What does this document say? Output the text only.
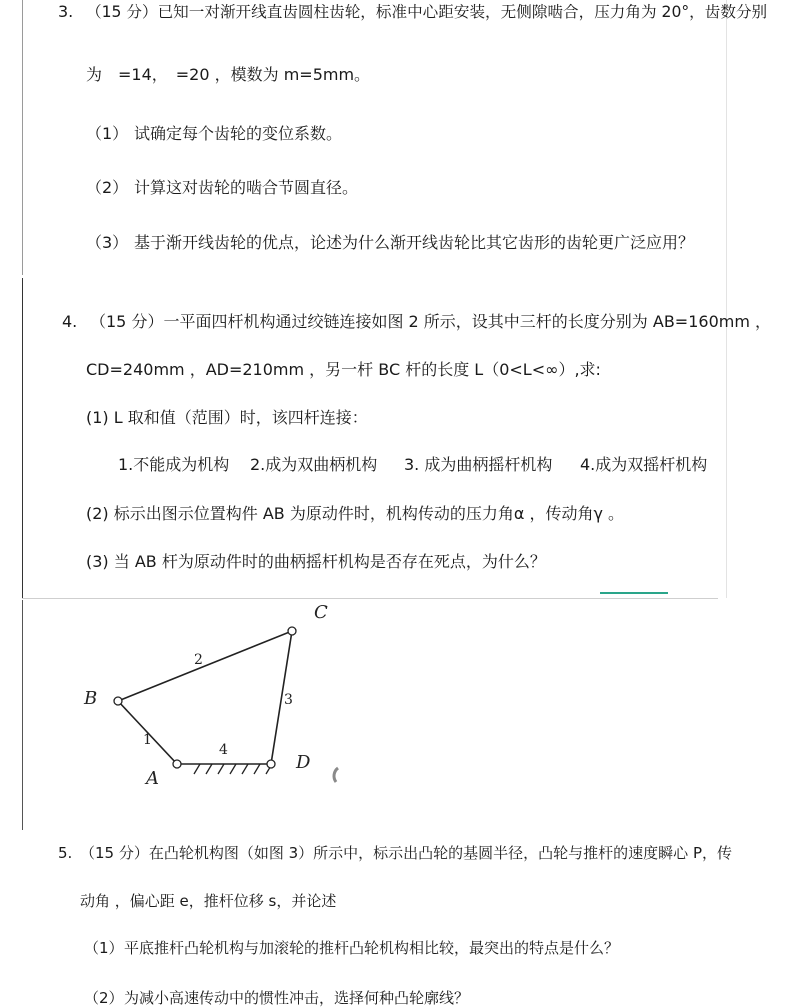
3. （15 分）已知一对渐开线直齿圆柱齿轮，标准中心距安装，无侧隙啮合，压力角为 20°，齿数分别
为　=14，　=20 ，模数为 m=5mm。
（1） 试确定每个齿轮的变位系数。
（2） 计算这对齿轮的啮合节圆直径。
（3） 基于渐开线齿轮的优点，论述为什么渐开线齿轮比其它齿形的齿轮更广泛应用？
4. （15 分）一平面四杆机构通过绞链连接如图 2 所示，设其中三杆的长度分别为 AB=160mm ，
CD=240mm ，AD=210mm ，另一杆 BC 杆的长度 L（0<L<∞）,求:
(1) L 取和值（范围）时，该四杆连接：
1.不能成为机构 2.成为双曲柄机构 3. 成为曲柄摇杆机构 4.成为双摇杆机构
(2) 标示出图示位置构件 AB 为原动件时，机构传动的压力角α ，传动角γ 。
(3) 当 AB 杆为原动件时的曲柄摇杆机构是否存在死点，为什么？
A
B
C
D
1
2
3
4
5. （15 分）在凸轮机构图（如图 3）所示中，标示出凸轮的基圆半径，凸轮与推杆的速度瞬心 P，传
动角 ，偏心距 e，推杆位移 s，并论述
（1） 平底推杆凸轮机构与加滚轮的推杆凸轮机构相比较，最突出的特点是什么？
（2） 为减小高速传动中的惯性冲击，选择何种凸轮廓线？
